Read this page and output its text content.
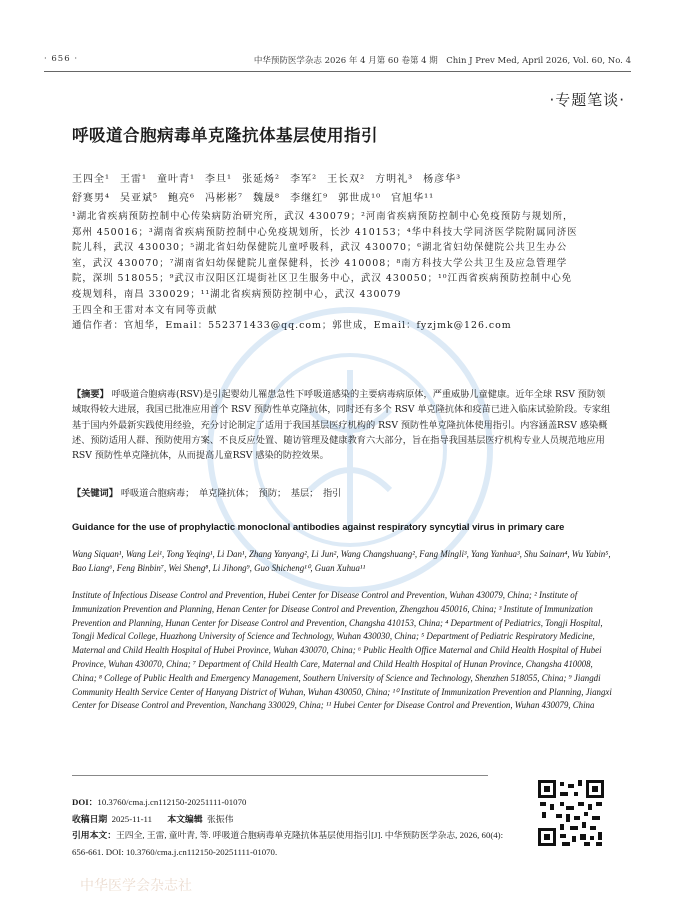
· 656 ·	中华预防医学杂志 2026 年 4 月第 60 卷第 4 期　Chin J Prev Med, April 2026, Vol. 60, No. 4
·专题笔谈·
呼吸道合胞病毒单克隆抗体基层使用指引
王四全¹ 王雷¹ 童叶青¹ 李旦¹ 张延炀² 李军² 王长双² 方明礼³ 杨彦华³
舒赛男⁴ 吴亚斌⁵ 鲍亮⁶ 冯彬彬⁷ 魏晟⁸ 李继红⁹ 郭世成¹⁰ 官旭华¹¹
¹湖北省疾病预防控制中心传染病防治研究所，武汉 430079；²河南省疾病预防控制中心免疫预防与规划所，郑州 450016；³湖南省疾病预防控制中心免疫规划所，长沙 410153；⁴华中科技大学同济医学院附属同济医院儿科，武汉 430030；⁵湖北省妇幼保健院儿童呼吸科，武汉 430070；⁶湖北省妇幼保健院公共卫生办公室，武汉 430070；⁷湖南省妇幼保健院儿童保健科，长沙 410008；⁸南方科技大学公共卫生及应急管理学院，深圳 518055；⁹武汉市汉阳区江堤街社区卫生服务中心，武汉 430050；¹⁰江西省疾病预防控制中心免疫规划科，南昌 330029；¹¹湖北省疾病预防控制中心，武汉 430079
王四全和王雷对本文有同等贡献
通信作者：官旭华，Email：552371433@qq.com；郭世成，Email：fyzjmk@126.com
【摘要】 呼吸道合胞病毒(RSV)是引起婴幼儿罹患急性下呼吸道感染的主要病毒病原体，严重威胁儿童健康。近年全球 RSV 预防领域取得较大进展，我国已批准应用首个 RSV 预防性单克隆抗体，同时还有多个 RSV 单克隆抗体和疫苗已进入临床试验阶段。专家组基于国内外最新实践使用经验，充分讨论制定了适用于我国基层医疗机构的 RSV 预防性单克隆抗体使用指引。内容涵盖RSV 感染概述、预防适用人群、预防使用方案、不良反应处置、随访管理及健康教育六大部分，旨在指导我国基层医疗机构专业人员规范地应用 RSV 预防性单克隆抗体，从而提高儿童RSV 感染的防控效果。
【关键词】 呼吸道合胞病毒；　单克隆抗体；　预防；　基层；　指引
Guidance for the use of prophylactic monoclonal antibodies against respiratory syncytial virus in primary care
Wang Siquan¹, Wang Lei¹, Tong Yeqing¹, Li Dan¹, Zhang Yanyang², Li Jun², Wang Changshuang², Fang Mingli³, Yang Yanhua³, Shu Sainan⁴, Wu Yabin⁵, Bao Liang⁶, Feng Binbin⁷, Wei Sheng⁸, Li Jihong⁹, Guo Shicheng¹⁰, Guan Xuhua¹¹
Institute of Infectious Disease Control and Prevention, Hubei Center for Disease Control and Prevention, Wuhan 430079, China; ² Institute of Immunization Prevention and Planning, Henan Center for Disease Control and Prevention, Zhengzhou 450016, China; ³ Institute of Immunization Prevention and Planning, Hunan Center for Disease Control and Prevention, Changsha 410153, China; ⁴ Department of Pediatrics, Tongji Hospital, Tongji Medical College, Huazhong University of Science and Technology, Wuhan 430030, China; ⁵ Department of Pediatric Respiratory Medicine, Maternal and Child Health Hospital of Hubei Province, Wuhan 430070, China; ⁶ Public Health Office Maternal and Child Health Hospital of Hubei Province, Wuhan 430070, China; ⁷ Department of Child Health Care, Maternal and Child Health Hospital of Hunan Province, Changsha 410008, China; ⁸ College of Public Health and Emergency Management, Southern University of Science and Technology, Shenzhen 518055, China; ⁹ Jiangdi Community Health Service Center of Hanyang District of Wuhan, Wuhan 430050, China; ¹⁰ Institute of Immunization Prevention and Planning, Jiangxi Center for Disease Control and Prevention, Nanchang 330029, China; ¹¹ Hubei Center for Disease Control and Prevention, Wuhan 430079, China
DOI：10.3760/cma.j.cn112150-20251111-01070
收稿日期 2025-11-11 本文编辑 张振伟
引用本文：王四全, 王雷, 童叶青, 等. 呼吸道合胞病毒单克隆抗体基层使用指引[J]. 中华预防医学杂志, 2026, 60(4): 656-661. DOI: 10.3760/cma.j.cn112150-20251111-01070.
中华医学会杂志社
